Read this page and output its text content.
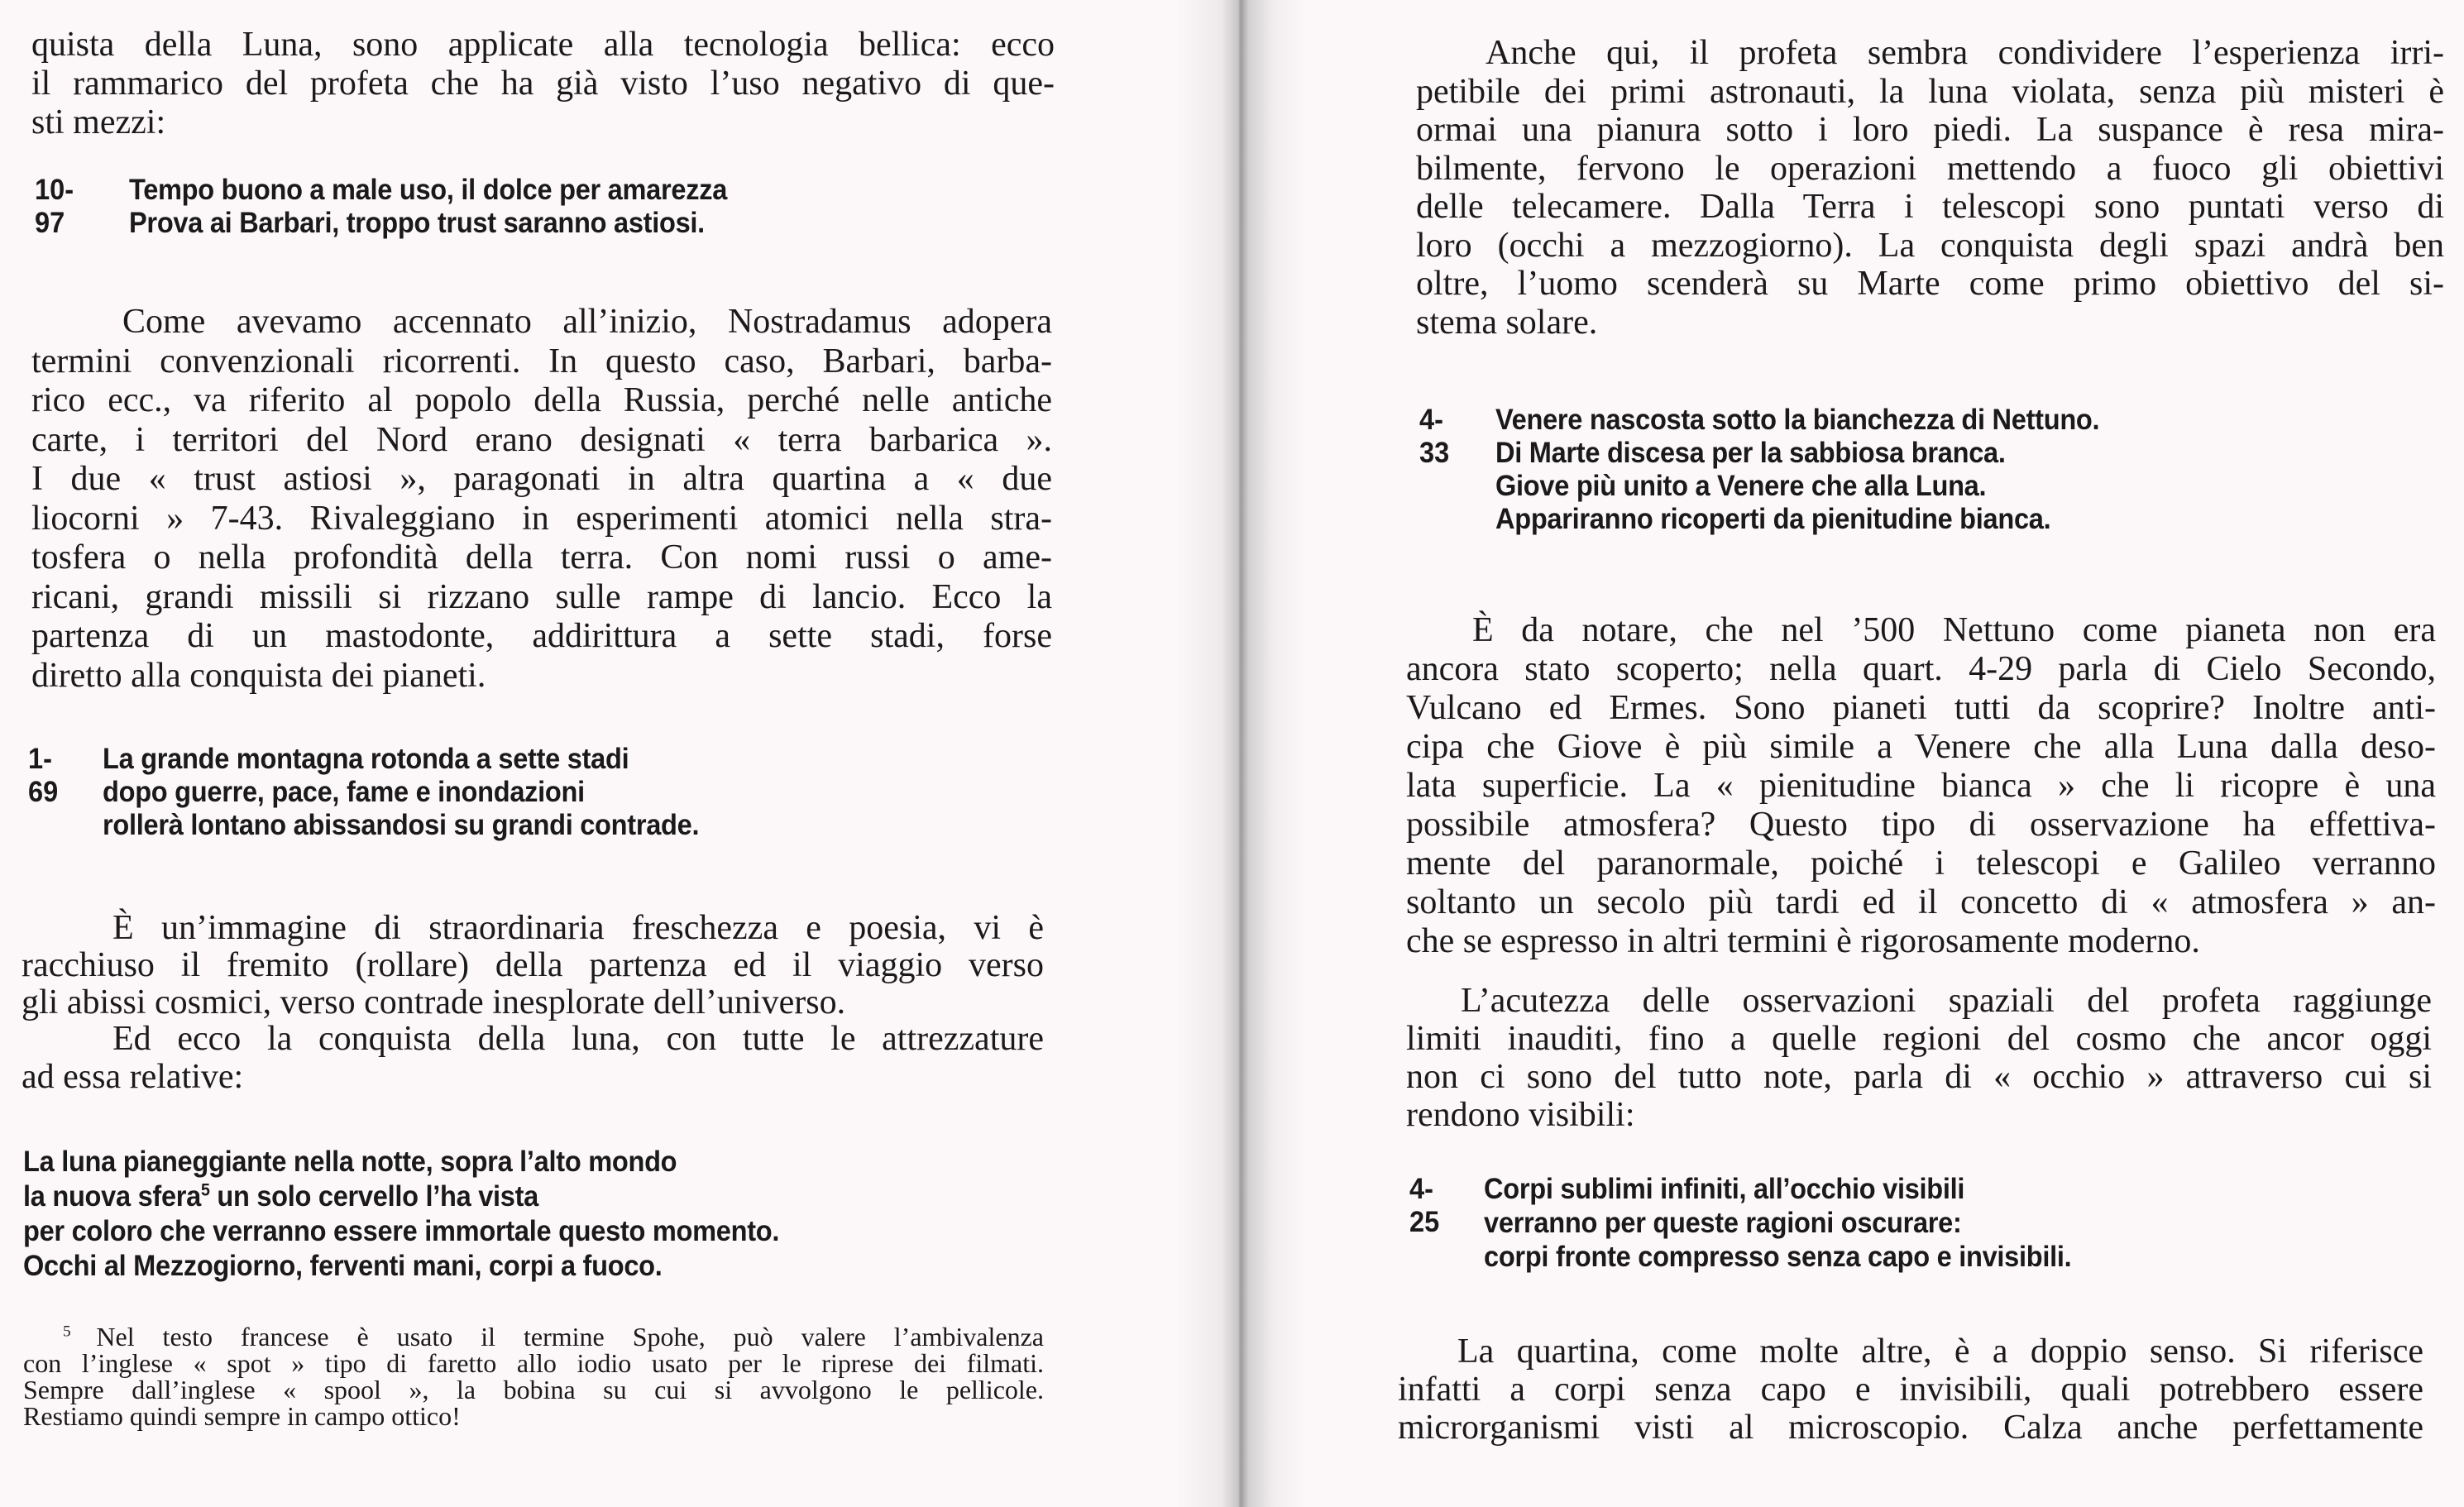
quista della Luna, sono applicate alla tecnologia bellica: ecco
il rammarico del profeta che ha già visto l’uso negativo di que-
sti mezzi:
10-97
Tempo buono a male uso, il dolce per amarezza
Prova ai Barbari, troppo trust saranno astiosi.
Come avevamo accennato all’inizio, Nostradamus adopera
termini convenzionali ricorrenti. In questo caso, Barbari, barba-
rico ecc., va riferito al popolo della Russia, perché nelle antiche
carte, i territori del Nord erano designati « terra barbarica ».
I due « trust astiosi », paragonati in altra quartina a « due
liocorni » 7-43. Rivaleggiano in esperimenti atomici nella stra-
tosfera o nella profondità della terra. Con nomi russi o ame-
ricani, grandi missili si rizzano sulle rampe di lancio. Ecco la
partenza di un mastodonte, addirittura a sette stadi, forse
diretto alla conquista dei pianeti.
1-69
La grande montagna rotonda a sette stadi
dopo guerre, pace, fame e inondazioni
rollerà lontano abissandosi su grandi contrade.
È un’immagine di straordinaria freschezza e poesia, vi è
racchiuso il fremito (rollare) della partenza ed il viaggio verso
gli abissi cosmici, verso contrade inesplorate dell’universo.
Ed ecco la conquista della luna, con tutte le attrezzature
ad essa relative:
La luna pianeggiante nella notte, sopra l’alto mondo
la nuova sfera$^5$ un solo cervello l’ha vista
per coloro che verranno essere immortale questo momento.
Occhi al Mezzogiorno, ferventi mani, corpi a fuoco.
$^5$ Nel testo francese è usato il termine Spohe, può valere l’ambivalenza
con l’inglese « spot » tipo di faretto allo iodio usato per le riprese dei filmati.
Sempre dall’inglese « spool », la bobina su cui si avvolgono le pellicole.
Restiamo quindi sempre in campo ottico!
Anche qui, il profeta sembra condividere l’esperienza irri-
petibile dei primi astronauti, la luna violata, senza più misteri è
ormai una pianura sotto i loro piedi. La suspance è resa mira-
bilmente, fervono le operazioni mettendo a fuoco gli obiettivi
delle telecamere. Dalla Terra i telescopi sono puntati verso di
loro (occhi a mezzogiorno). La conquista degli spazi andrà ben
oltre, l’uomo scenderà su Marte come primo obiettivo del si-
stema solare.
4-33
Venere nascosta sotto la bianchezza di Nettuno.
Di Marte discesa per la sabbiosa branca.
Giove più unito a Venere che alla Luna.
Appariranno ricoperti da pienitudine bianca.
È da notare, che nel ’500 Nettuno come pianeta non era
ancora stato scoperto; nella quart. 4-29 parla di Cielo Secondo,
Vulcano ed Ermes. Sono pianeti tutti da scoprire? Inoltre anti-
cipa che Giove è più simile a Venere che alla Luna dalla deso-
lata superficie. La « pienitudine bianca » che li ricopre è una
possibile atmosfera? Questo tipo di osservazione ha effettiva-
mente del paranormale, poiché i telescopi e Galileo verranno
soltanto un secolo più tardi ed il concetto di « atmosfera » an-
che se espresso in altri termini è rigorosamente moderno.
L’acutezza delle osservazioni spaziali del profeta raggiunge
limiti inauditi, fino a quelle regioni del cosmo che ancor oggi
non ci sono del tutto note, parla di « occhio » attraverso cui si
rendono visibili:
4-25
Corpi sublimi infiniti, all’occhio visibili
verranno per queste ragioni oscurare:
corpi fronte compresso senza capo e invisibili.
La quartina, come molte altre, è a doppio senso. Si riferisce
infatti a corpi senza capo e invisibili, quali potrebbero essere
microrganismi visti al microscopio. Calza anche perfettamente
